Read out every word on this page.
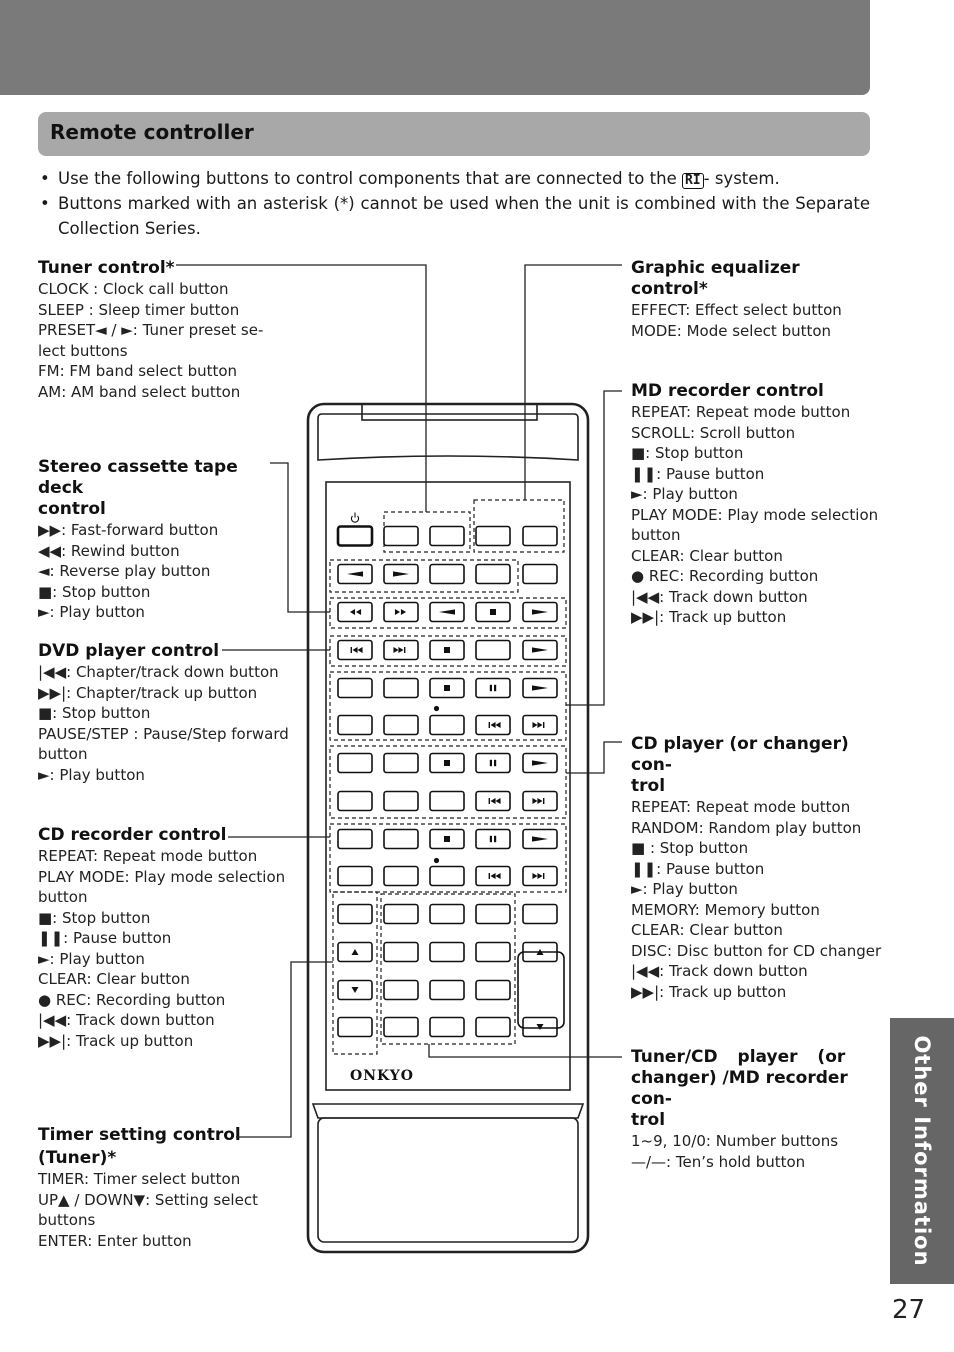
Remote controller
• Use the following buttons to control components that are connected to the RI - system.
• Buttons marked with an asterisk (*) cannot be used when the unit is combined with the Separate Collection Series.
Tuner control*
CLOCK : Clock call button
SLEEP : Sleep timer button
PRESET◄ / ►: Tuner preset se-
lect buttons
FM: FM band select button
AM: AM band select button
Stereo cassette tape deck
control
▶▶: Fast-forward button
◀◀: Rewind button
◄: Reverse play button
■: Stop button
►: Play button
DVD player control
|◀◀: Chapter/track down button
▶▶|: Chapter/track up button
■: Stop button
PAUSE/STEP : Pause/Step forward
button
►: Play button
CD recorder control
REPEAT: Repeat mode button
PLAY MODE: Play mode selection
button
■: Stop button
❚❚: Pause button
►: Play button
CLEAR: Clear button
● REC: Recording button
|◀◀: Track down button
▶▶|: Track up button
Timer setting control
(Tuner)*
TIMER: Timer select button
UP▲ / DOWN▼: Setting select
buttons
ENTER: Enter button
Graphic equalizer control*
EFFECT: Effect select button
MODE: Mode select button
MD recorder control
REPEAT: Repeat mode button
SCROLL: Scroll button
■: Stop button
❚❚: Pause button
►: Play button
PLAY MODE: Play mode selection
button
CLEAR: Clear button
● REC: Recording button
|◀◀: Track down button
▶▶|: Track up button
CD player (or changer) con-
trol
REPEAT: Repeat mode button
RANDOM: Random play button
■ : Stop button
❚❚: Pause button
►: Play button
MEMORY: Memory button
CLEAR: Clear button
DISC: Disc button for CD changer
|◀◀: Track down button
▶▶|: Track up button
Tuner/CD player (or
changer) /MD recorder con-
trol
1~9, 10/0: Number buttons
—/—: Ten’s hold button
ONKYO	Other Information
27
